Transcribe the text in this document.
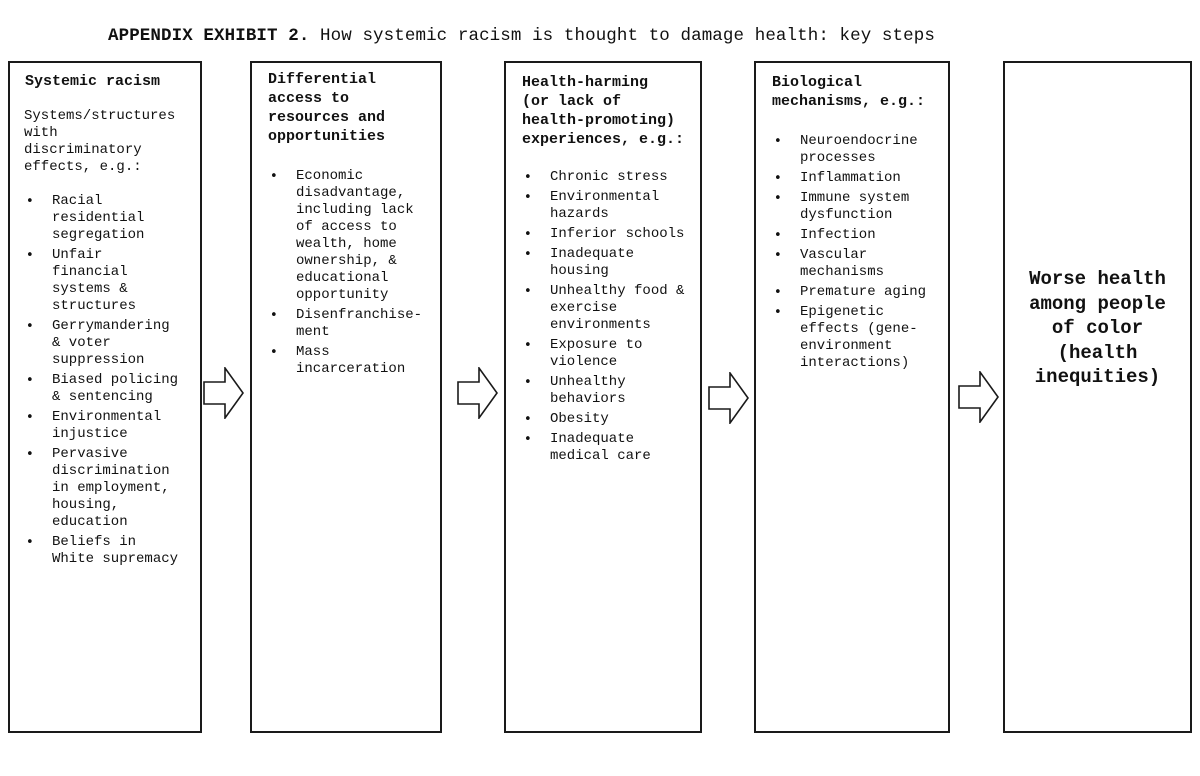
APPENDIX EXHIBIT 2. How systemic racism is thought to damage health: key steps
Systemic racism
Systems/structures
with
discriminatory
effects, e.g.:
• Racial
residential
segregation
• Unfair
financial
systems &
structures
• Gerrymandering
& voter
suppression
• Biased policing
& sentencing
• Environmental
injustice
• Pervasive
discrimination
in employment,
housing,
education
• Beliefs in
White supremacy
Differential
access to
resources and
opportunities
• Economic
disadvantage,
including lack
of access to
wealth, home
ownership, &
educational
opportunity
• Disenfranchise-
ment
• Mass
incarceration
Health-harming
(or lack of
health-promoting)
experiences, e.g.:
• Chronic stress
• Environmental
hazards
• Inferior schools
• Inadequate
housing
• Unhealthy food &
exercise
environments
• Exposure to
violence
• Unhealthy
behaviors
• Obesity
• Inadequate
medical care
Biological
mechanisms, e.g.:
• Neuroendocrine
processes
• Inflammation
• Immune system
dysfunction
• Infection
• Vascular
mechanisms
• Premature aging
• Epigenetic
effects (gene-
environment
interactions)
Worse health
among people
of color
(health
inequities)
